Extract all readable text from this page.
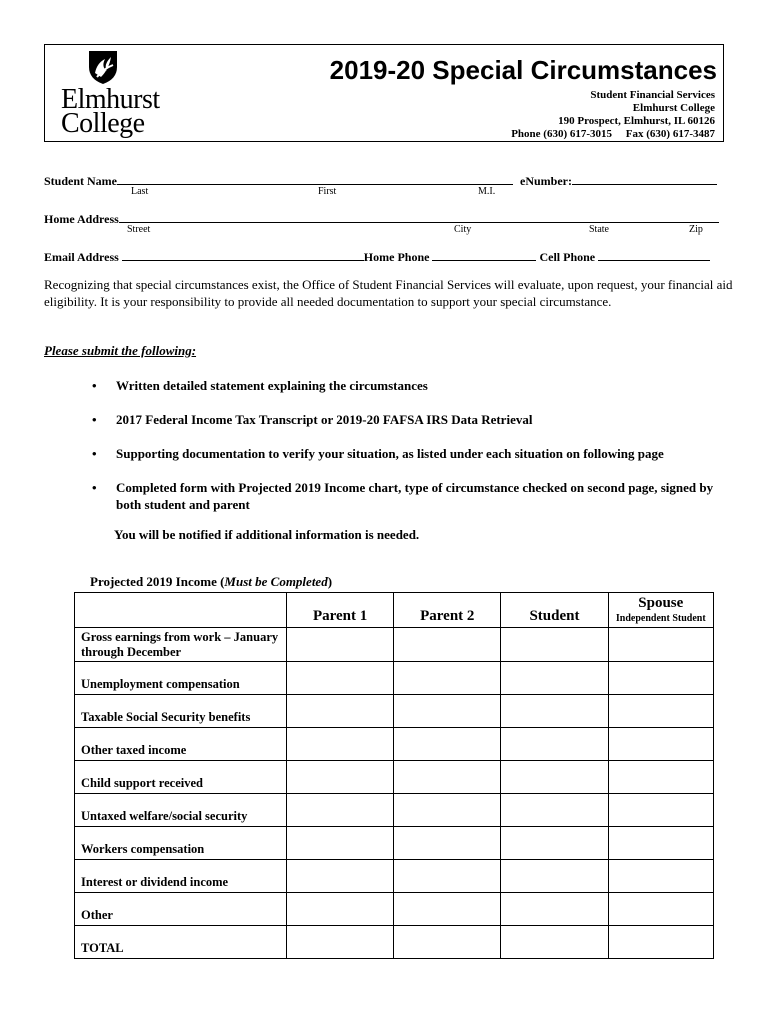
Elmhurst
College
2019-20 Special Circumstances
Student Financial Services
Elmhurst College
190 Prospect, Elmhurst, IL 60126
Phone (630) 617-3015     Fax (630) 617-3487
Student Name	eNumber:
Last	First	M.I.
Home Address
Street	City	State	Zip
Email Address	Home Phone	Cell Phone
Recognizing that special circumstances exist, the Office of Student Financial Services will evaluate, upon request, your financial aid eligibility. It is your responsibility to provide all needed documentation to support your special circumstance.
Please submit the following:
• Written detailed statement explaining the circumstances
• 2017 Federal Income Tax Transcript or 2019-20 FAFSA IRS Data Retrieval
• Supporting documentation to verify your situation, as listed under each situation on following page
• Completed form with Projected 2019 Income chart, type of circumstance checked on second page, signed by both student and parent
You will be notified if additional information is needed.
Projected 2019 Income (Must be Completed)
	Parent 1	Parent 2	Student	Spouse
Independent Student

Gross earnings from work – January through December				
Unemployment compensation				
Taxable Social Security benefits				
Other taxed income				
Child support received				
Untaxed welfare/social security				
Workers compensation				
Interest or dividend income				
Other				
TOTAL				
